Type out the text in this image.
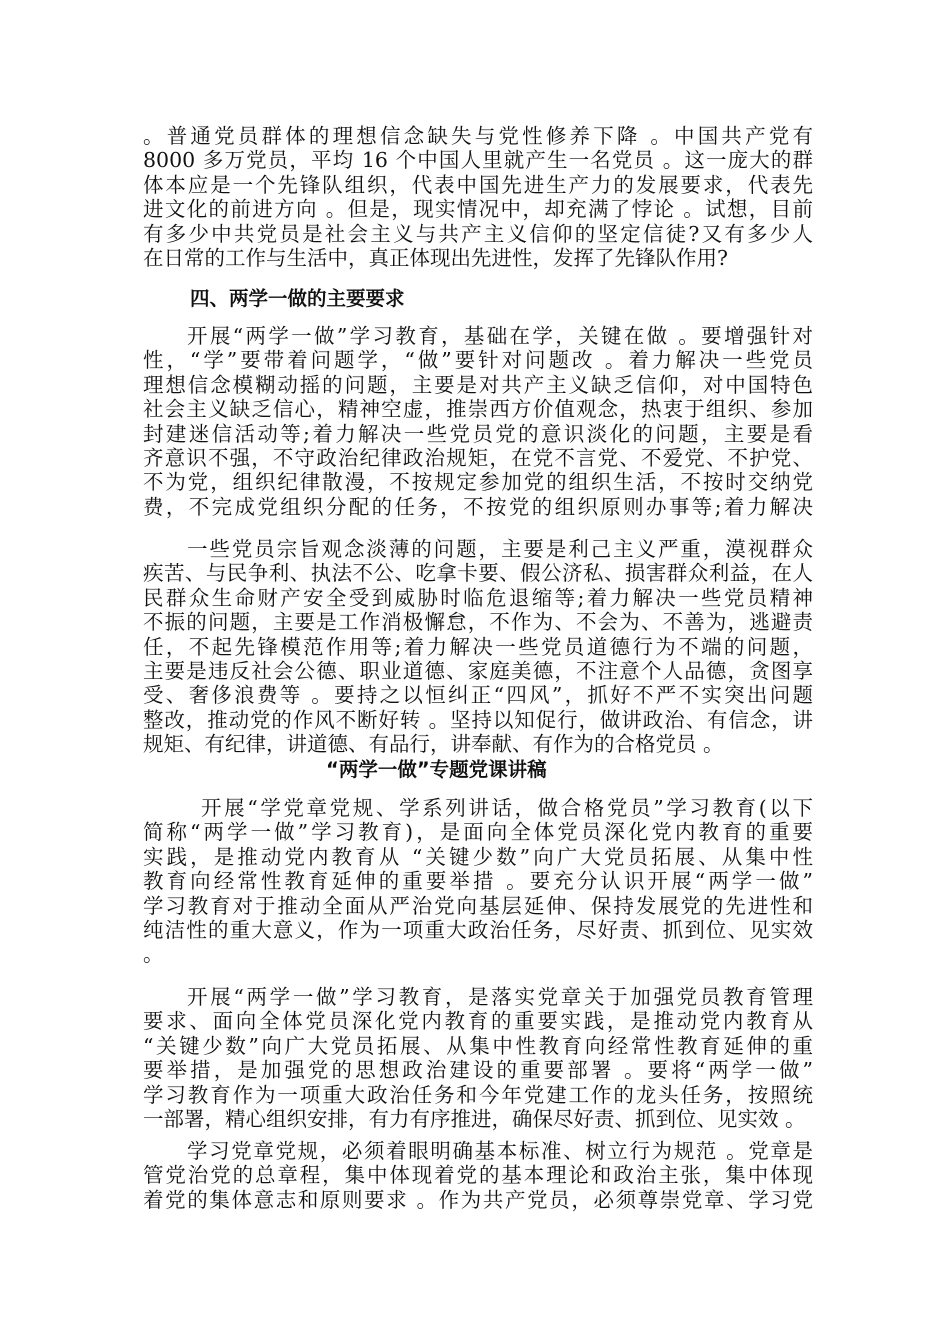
。普通党员群体的理想信念缺失与党性修养下降 。中国共产党有
8000 多万党员，平均 16 个中国人里就产生一名党员 。这一庞大的群
体本应是一个先锋队组织，代表中国先进生产力的发展要求，代表先
进文化的前进方向 。但是，现实情况中，却充满了悖论 。试想，目前
有多少中共党员是社会主义与共产主义信仰的坚定信徒?又有多少人
在日常的工作与生活中，真正体现出先进性，发挥了先锋队作用?
四、两学一做的主要要求
开展“两学一做”学习教育，基础在学，关键在做 。要增强针对
性，“学”要带着问题学，“做”要针对问题改 。着力解决一些党员
理想信念模糊动摇的问题，主要是对共产主义缺乏信仰，对中国特色
社会主义缺乏信心，精神空虚，推崇西方价值观念，热衷于组织、参加
封建迷信活动等;着力解决一些党员党的意识淡化的问题，主要是看
齐意识不强，不守政治纪律政治规矩，在党不言党、不爱党、不护党、
不为党，组织纪律散漫，不按规定参加党的组织生活，不按时交纳党
费，不完成党组织分配的任务，不按党的组织原则办事等;着力解决
一些党员宗旨观念淡薄的问题，主要是利己主义严重，漠视群众
疾苦、与民争利、执法不公、吃拿卡要、假公济私、损害群众利益，在人
民群众生命财产安全受到威胁时临危退缩等;着力解决一些党员精神
不振的问题，主要是工作消极懈怠，不作为、不会为、不善为，逃避责
任，不起先锋模范作用等;着力解决一些党员道德行为不端的问题，
主要是违反社会公德、职业道德、家庭美德，不注意个人品德，贪图享
受、奢侈浪费等 。要持之以恒纠正“四风”，抓好不严不实突出问题
整改，推动党的作风不断好转 。坚持以知促行，做讲政治、有信念，讲
规矩、有纪律，讲道德、有品行，讲奉献、有作为的合格党员 。
“两学一做”专题党课讲稿
开展“学党章党规、学系列讲话，做合格党员”学习教育(以下
简称“两学一做”学习教育)，是面向全体党员深化党内教育的重要
实践，是推动党内教育从 “关键少数”向广大党员拓展、从集中性
教育向经常性教育延伸的重要举措 。要充分认识开展“两学一做”
学习教育对于推动全面从严治党向基层延伸、保持发展党的先进性和
纯洁性的重大意义，作为一项重大政治任务，尽好责、抓到位、见实效
。
开展“两学一做”学习教育，是落实党章关于加强党员教育管理
要求、面向全体党员深化党内教育的重要实践，是推动党内教育从
“关键少数”向广大党员拓展、从集中性教育向经常性教育延伸的重
要举措，是加强党的思想政治建设的重要部署 。要将“两学一做”
学习教育作为一项重大政治任务和今年党建工作的龙头任务，按照统
一部署，精心组织安排，有力有序推进，确保尽好责、抓到位、见实效 。
学习党章党规，必须着眼明确基本标准、树立行为规范 。党章是
管党治党的总章程，集中体现着党的基本理论和政治主张，集中体现
着党的集体意志和原则要求 。作为共产党员，必须尊崇党章、学习党
